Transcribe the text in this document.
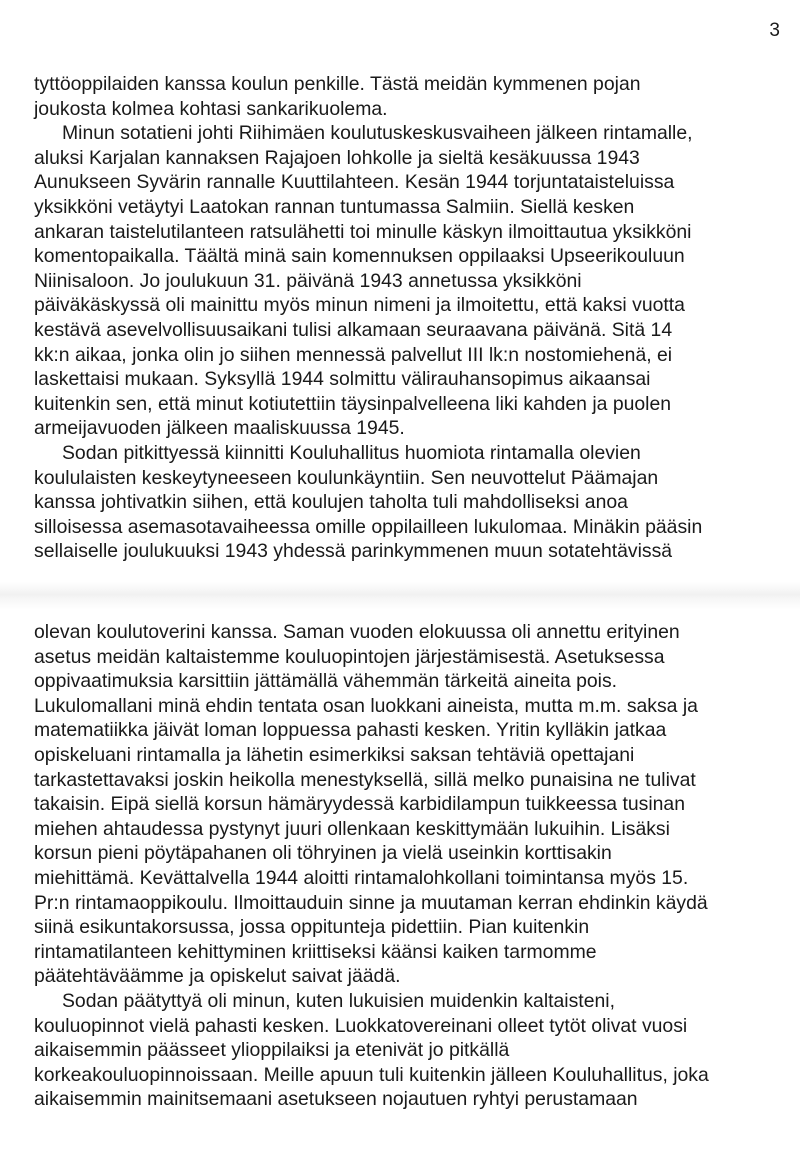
3
tyttöoppilaiden kanssa koulun penkille. Tästä meidän kymmenen pojan
joukosta kolmea kohtasi sankarikuolema.
Minun sotatieni johti Riihimäen koulutuskeskusvaiheen jälkeen rintamalle,
aluksi Karjalan kannaksen Rajajoen lohkolle ja sieltä kesäkuussa 1943
Aunukseen Syvärin rannalle Kuuttilahteen. Kesän 1944 torjuntataisteluissa
yksikköni vetäytyi Laatokan rannan tuntumassa Salmiin. Siellä kesken
ankaran taistelutilanteen ratsulähetti toi minulle käskyn ilmoittautua yksikköni
komentopaikalla. Täältä minä sain komennuksen oppilaaksi Upseerikouluun
Niinisaloon. Jo joulukuun 31. päivänä 1943 annetussa yksikköni
päiväkäskyssä oli mainittu myös minun nimeni ja ilmoitettu, että kaksi vuotta
kestävä asevelvollisuusaikani tulisi alkamaan seuraavana päivänä. Sitä 14
kk:n aikaa, jonka olin jo siihen mennessä palvellut III lk:n nostomiehenä, ei
laskettaisi mukaan. Syksyllä 1944 solmittu välirauhansopimus aikaansai
kuitenkin sen, että minut kotiutettiin täysinpalvelleena liki kahden ja puolen
armeijavuoden jälkeen maaliskuussa 1945.
Sodan pitkittyessä kiinnitti Kouluhallitus huomiota rintamalla olevien
koululaisten keskeytyneeseen koulunkäyntiin. Sen neuvottelut Päämajan
kanssa johtivatkin siihen, että koulujen taholta tuli mahdolliseksi anoa
silloisessa asemasotavaiheessa omille oppilailleen lukulomaa. Minäkin pääsin
sellaiselle joulukuuksi 1943 yhdessä parinkymmenen muun sotatehtävissä
olevan koulutoverini kanssa. Saman vuoden elokuussa oli annettu erityinen
asetus meidän kaltaistemme kouluopintojen järjestämisestä. Asetuksessa
oppivaatimuksia karsittiin jättämällä vähemmän tärkeitä aineita pois.
Lukulomallani minä ehdin tentata osan luokkani aineista, mutta m.m. saksa ja
matematiikka jäivät loman loppuessa pahasti kesken. Yritin kylläkin jatkaa
opiskeluani rintamalla ja lähetin esimerkiksi saksan tehtäviä opettajani
tarkastettavaksi joskin heikolla menestyksellä, sillä melko punaisina ne tulivat
takaisin. Eipä siellä korsun hämäryydessä karbidilampun tuikkeessa tusinan
miehen ahtaudessa pystynyt juuri ollenkaan keskittymään lukuihin. Lisäksi
korsun pieni pöytäpahanen oli töhryinen ja vielä useinkin korttisakin
miehittämä. Kevättalvella 1944 aloitti rintamalohkollani toimintansa myös 15.
Pr:n rintamaoppikoulu. Ilmoittauduin sinne ja muutaman kerran ehdinkin käydä
siinä esikuntakorsussa, jossa oppitunteja pidettiin. Pian kuitenkin
rintamatilanteen kehittyminen kriittiseksi käänsi kaiken tarmomme
päätehtäväämme ja opiskelut saivat jäädä.
Sodan päätyttyä oli minun, kuten lukuisien muidenkin kaltaisteni,
kouluopinnot vielä pahasti kesken. Luokkatovereinani olleet tytöt olivat vuosi
aikaisemmin päässeet ylioppilaiksi ja etenivät jo pitkällä
korkeakouluopinnoissaan. Meille apuun tuli kuitenkin jälleen Kouluhallitus, joka
aikaisemmin mainitsemaani asetukseen nojautuen ryhtyi perustamaan
